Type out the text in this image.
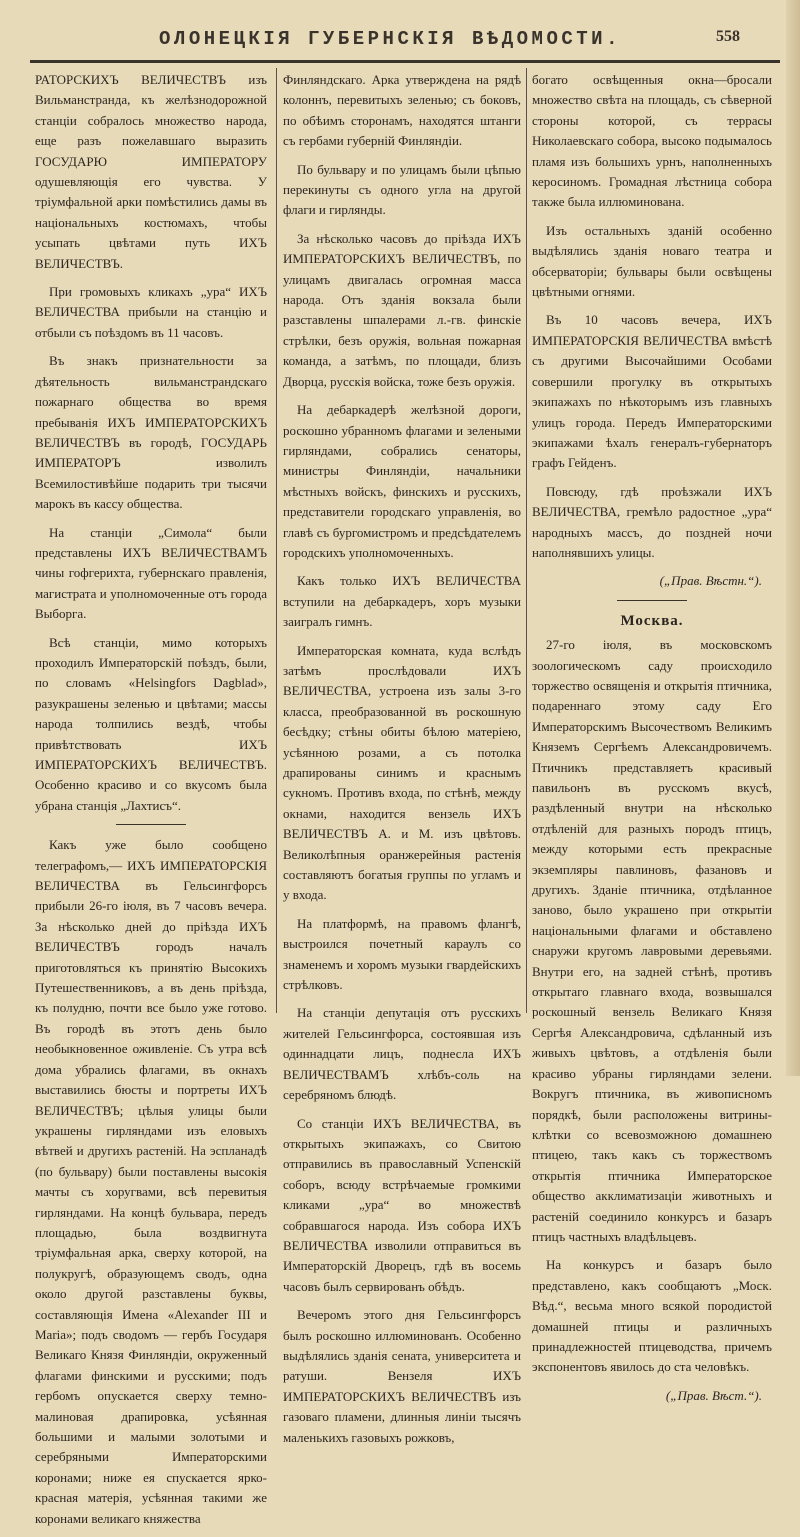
ОЛОНЕЦКІЯ ГУБЕРНСКІЯ ВѢДОМОСТИ.	558

РАТОРСКИХЪ ВЕЛИЧЕСТВЪ изъ Вильманстранда, къ желѣзнодорожной станціи собралось множество народа, еще разъ пожелавшаго выразить ГОСУДАРЮ ИМПЕРАТОРУ одушевляющія его чувства. У тріумфальной арки помѣстились дамы въ національныхъ костюмахъ, чтобы усыпать цвѣтами путь ИХЪ ВЕЛИЧЕСТВЪ.

При громовыхъ кликахъ „ура“ ИХЪ ВЕЛИЧЕСТВА прибыли на станцію и отбыли съ поѣздомъ въ 11 часовъ.

Въ знакъ признательности за дѣятельность вильманстрандскаго пожарнаго общества во время пребыванія ИХЪ ИМПЕРАТОРСКИХЪ ВЕЛИЧЕСТВЪ въ городѣ, ГОСУДАРЬ ИМПЕРАТОРЪ изволилъ Всемилостивѣйше подарить три тысячи марокъ въ кассу общества.

На станціи „Симола“ были представлены ИХЪ ВЕЛИЧЕСТВАМЪ чины гофгерихта, губернскаго правленія, магистрата и уполномоченные отъ города Выборга.

Всѣ станціи, мимо которыхъ проходилъ Императорскій поѣздъ, были, по словамъ «Helsingfors Dagblad», разукрашены зеленью и цвѣтами; массы народа толпились вездѣ, чтобы привѣтствовать ИХЪ ИМПЕРАТОРСКИХЪ ВЕЛИЧЕСТВЪ. Особенно красиво и со вкусомъ была убрана станція „Лахтисъ“.

Какъ уже было сообщено телеграфомъ,— ИХЪ ИМПЕРАТОРСКІЯ ВЕЛИЧЕСТВА въ Гельсингфорсъ прибыли 26-го іюля, въ 7 часовъ вечера. За нѣсколько дней до пріѣзда ИХЪ ВЕЛИЧЕСТВЪ городъ началъ приготовляться къ принятію Высокихъ Путешественниковъ, а въ день пріѣзда, къ полудню, почти все было уже готово. Въ городѣ въ этотъ день было необыкновенное оживленіе. Съ утра всѣ дома убрались флагами, въ окнахъ выставились бюсты и портреты ИХЪ ВЕЛИЧЕСТВЪ; цѣлыя улицы были украшены гирляндами изъ еловыхъ вѣтвей и другихъ растеній. На эспланадѣ (по бульвару) были поставлены высокія мачты съ хоругвами, всѣ перевитыя гирляндами. На концѣ бульвара, передъ площадью, была воздвигнута тріумфальная арка, сверху которой, на полукругѣ, образующемъ сводъ, одна около другой разставлены буквы, составляющія Имена «Alexander III и Maria»; подъ сводомъ — гербъ Государя Великаго Князя Финляндіи, окруженный флагами финскими и русскими; подъ гербомъ опускается сверху темно-малиновая драпировка, усѣянная большими и малыми золотыми и серебряными Императорскими коронами; ниже ея спускается ярко-красная матерія, усѣянная такими же коронами великаго княжества

Финляндскаго. Арка утверждена на рядѣ колоннъ, перевитыхъ зеленью; съ боковъ, по обѣимъ сторонамъ, находятся штанги съ гербами губерній Финляндіи.

По бульвару и по улицамъ были цѣпью перекинуты съ одного угла на другой флаги и гирлянды.

За нѣсколько часовъ до пріѣзда ИХЪ ИМПЕРАТОРСКИХЪ ВЕЛИЧЕСТВЪ, по улицамъ двигалась огромная масса народа. Отъ зданія вокзала были разставлены шпалерами л.-гв. финскіе стрѣлки, безъ оружія, вольная пожарная команда, а затѣмъ, по площади, близъ Дворца, русскія войска, тоже безъ оружія.

На дебаркадерѣ желѣзной дороги, роскошно убранномъ флагами и зелеными гирляндами, собрались сенаторы, министры Финляндіи, начальники мѣстныхъ войскъ, финскихъ и русскихъ, представители городскаго управленія, во главѣ съ бургомистромъ и предсѣдателемъ городскихъ уполномоченныхъ.

Какъ только ИХЪ ВЕЛИЧЕСТВА вступили на дебаркадеръ, хоръ музыки заигралъ гимнъ.

Императорская комната, куда вслѣдъ затѣмъ прослѣдовали ИХЪ ВЕЛИЧЕСТВА, устроена изъ залы 3-го класса, преобразованной въ роскошную бесѣдку; стѣны обиты бѣлою матеріею, усѣянною розами, а съ потолка драпированы синимъ и краснымъ сукномъ. Противъ входа, по стѣнѣ, между окнами, находится вензель ИХЪ ВЕЛИЧЕСТВЪ А. и М. изъ цвѣтовъ. Великолѣпныя оранжерейныя растенія составляютъ богатыя группы по угламъ и у входа.

На платформѣ, на правомъ флангѣ, выстроился почетный караулъ со знаменемъ и хоромъ музыки гвардейскихъ стрѣлковъ.

На станціи депутація отъ русскихъ жителей Гельсингфорса, состоявшая изъ одиннадцати лицъ, поднесла ИХЪ ВЕЛИЧЕСТВАМЪ хлѣбъ-соль на серебряномъ блюдѣ.

Со станціи ИХЪ ВЕЛИЧЕСТВА, въ открытыхъ экипажахъ, со Свитою отправились въ православный Успенскій соборъ, всюду встрѣчаемые громкими кликами „ура“ во множествѣ собравшагося народа. Изъ собора ИХЪ ВЕЛИЧЕСТВА изволили отправиться въ Императорскій Дворецъ, гдѣ въ восемь часовъ былъ сервированъ обѣдъ.

Вечеромъ этого дня Гельсингфорсъ былъ роскошно иллюминованъ. Особенно выдѣлялись зданія сената, университета и ратуши. Вензеля ИХЪ ИМПЕРАТОРСКИХЪ ВЕЛИЧЕСТВЪ изъ газоваго пламени, длинныя линіи тысячъ маленькихъ газовыхъ рожковъ,

богато освѣщенныя окна—бросали множество свѣта на площадь, съ сѣверной стороны которой, съ террасы Николаевскаго собора, высоко подымалось пламя изъ большихъ урнъ, наполненныхъ керосиномъ. Громадная лѣстница собора также была иллюминована.

Изъ остальныхъ зданій особенно выдѣлялись зданія новаго театра и обсерваторіи; бульвары были освѣщены цвѣтными огнями.

Въ 10 часовъ вечера, ИХЪ ИМПЕРАТОРСКІЯ ВЕЛИЧЕСТВА вмѣстѣ съ другими Высочайшими Особами совершили прогулку въ открытыхъ экипажахъ по нѣкоторымъ изъ главныхъ улицъ города. Передъ Императорскими экипажами ѣхалъ генералъ-губернаторъ графъ Гейденъ.

Повсюду, гдѣ проѣзжали ИХЪ ВЕЛИЧЕСТВА, гремѣло радостное „ура“ народныхъ массъ, до поздней ночи наполнявшихъ улицы.

(„Прав. Вѣстн.“).
Москва.

27-го іюля, въ московскомъ зоологическомъ саду происходило торжество освященія и открытія птичника, подареннаго этому саду Его Императорскимъ Высочествомъ Великимъ Княземъ Сергѣемъ Александровичемъ. Птичникъ представляетъ красивый павильонъ въ русскомъ вкусѣ, раздѣленный внутри на нѣсколько отдѣленій для разныхъ породъ птицъ, между которыми есть прекрасные экземпляры павлиновъ, фазановъ и другихъ. Зданіе птичника, отдѣланное заново, было украшено при открытіи національными флагами и обставлено снаружи кругомъ лавровыми деревьями. Внутри его, на задней стѣнѣ, противъ открытаго главнаго входа, возвышался роскошный вензель Великаго Князя Сергѣя Александровича, сдѣланный изъ живыхъ цвѣтовъ, а отдѣленія были красиво убраны гирляндами зелени. Вокругъ птичника, въ живописномъ порядкѣ, были расположены витрины-клѣтки со всевозможною домашнею птицею, такъ какъ съ торжествомъ открытія птичника Императорское общество акклиматизаціи животныхъ и растеній соединило конкурсъ и базаръ птицъ частныхъ владѣльцевъ.

На конкурсъ и базаръ было представлено, какъ сообщаютъ „Моск. Вѣд.“, весьма много всякой породистой домашней птицы и различныхъ принадлежностей птицеводства, причемъ экспонентовъ явилось до ста человѣкъ.

(„Прав. Вѣст.“).
